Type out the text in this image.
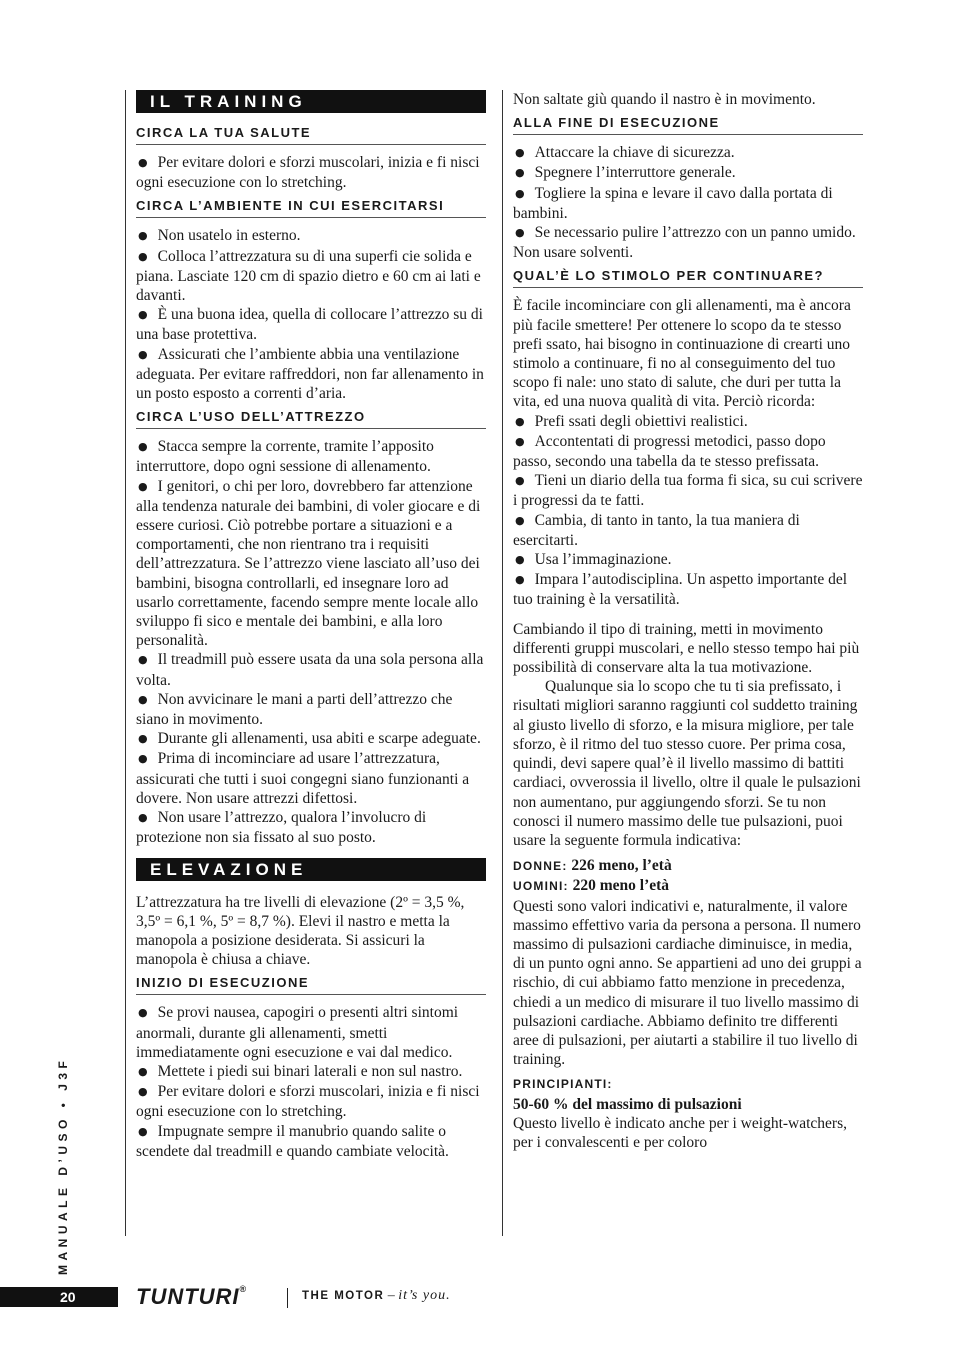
IL TRAINING
CIRCA LA TUA SALUTE
● Per evitare dolori e sforzi muscolari, inizia e fi nisci ogni esecuzione con lo stretching.
CIRCA L’AMBIENTE IN CUI ESERCITARSI
● Non usatelo in esterno.
● Colloca l’attrezzatura su di una superfi cie solida e piana. Lasciate 120 cm di spazio dietro e 60 cm ai lati e davanti.
● È una buona idea, quella di collocare l’attrezzo su di una base protettiva.
● Assicurati che l’ambiente abbia una ventilazione adeguata. Per evitare raffreddori, non far allenamento in un posto esposto a correnti d’aria.
CIRCA L’USO DELL’ATTREZZO
● Stacca sempre la corrente, tramite l’apposito interruttore, dopo ogni sessione di allenamento.
● I genitori, o chi per loro, dovrebbero far attenzione alla tendenza naturale dei bambini, di voler giocare e di essere curiosi. Ciò potrebbe portare a situazioni e a comportamenti, che non rientrano tra i requisiti dell’attrezzatura. Se l’attrezzo viene lasciato all’uso dei bambini, bisogna controllarli, ed insegnare loro ad usarlo correttamente, facendo sempre mente locale allo sviluppo fi sico e mentale dei bambini, e alla loro personalità.
● Il treadmill può essere usata da una sola persona alla volta.
● Non avvicinare le mani a parti dell’attrezzo che siano in movimento.
● Durante gli allenamenti, usa abiti e scarpe adeguate.
● Prima di incominciare ad usare l’attrezzatura, assicurati che tutti i suoi congegni siano funzionanti a dovere. Non usare attrezzi difettosi.
● Non usare l’attrezzo, qualora l’involucro di protezione non sia fissato al suo posto.
ELEVAZIONE
L’attrezzatura ha tre livelli di elevazione (2º = 3,5 %, 3,5º = 6,1 %, 5º = 8,7 %). Elevi il nastro e metta la manopola a posizione desiderata. Si assicuri la manopola è chiusa a chiave.
INIZIO DI ESECUZIONE
● Se provi nausea, capogiri o presenti altri sintomi anormali, durante gli allenamenti, smetti immediatamente ogni esecuzione e vai dal medico.
● Mettete i piedi sui binari laterali e non sul nastro.
● Per evitare dolori e sforzi muscolari, inizia e fi nisci ogni esecuzione con lo stretching.
● Impugnate sempre il manubrio quando salite o scendete dal treadmill e quando cambiate velocità.
Non saltate giù quando il nastro è in movimento.
ALLA FINE DI ESECUZIONE
● Attaccare la chiave di sicurezza.
● Spegnere l’interruttore generale.
● Togliere la spina e levare il cavo dalla portata di bambini.
● Se necessario pulire l’attrezzo con un panno umido. Non usare solventi.
QUAL’È LO STIMOLO PER CONTINUARE?
È facile incominciare con gli allenamenti, ma è ancora più facile smettere! Per ottenere lo scopo da te stesso prefi ssato, hai bisogno in continuazione di crearti uno stimolo a continuare, fi no al conseguimento del tuo scopo fi nale: uno stato di salute, che duri per tutta la vita, ed una nuova qualità di vita. Perciò ricorda:
● Prefi ssati degli obiettivi realistici.
● Accontentati di progressi metodici, passo dopo passo, secondo una tabella da te stesso prefissata.
● Tieni un diario della tua forma fi sica, su cui scrivere i progressi da te fatti.
● Cambia, di tanto in tanto, la tua maniera di esercitarti.
● Usa l’immaginazione.
● Impara l’autodisciplina. Un aspetto importante del tuo training è la versatilità.
Cambiando il tipo di training, metti in movimento differenti gruppi muscolari, e nello stesso tempo hai più possibilità di conservare alta la tua motivazione.
Qualunque sia lo scopo che tu ti sia prefissato, i risultati migliori saranno raggiunti col suddetto training al giusto livello di sforzo, e la misura migliore, per tale sforzo, è il ritmo del tuo stesso cuore. Per prima cosa, quindi, devi sapere qual’è il livello massimo di battiti cardiaci, ovverossia il livello, oltre il quale le pulsazioni non aumentano, pur aggiungendo sforzi. Se tu non conosci il numero massimo delle tue pulsazioni, puoi usare la seguente formula indicativa:
DONNE: 226 meno, l’età
UOMINI: 220 meno l’età
Questi sono valori indicativi e, naturalmente, il valore massimo effettivo varia da persona a persona. Il numero massimo di pulsazioni cardiache diminuisce, in media, di un punto ogni anno. Se appartieni ad uno dei gruppi a rischio, di cui abbiamo fatto menzione in precedenza, chiedi a un medico di misurare il tuo livello massimo di pulsazioni cardiache. Abbiamo definito tre differenti aree di pulsazioni, per aiutarti a stabilire il tuo livello di training.
PRINCIPIANTI:
50-60 % del massimo di pulsazioni
Questo livello è indicato anche per i weight-watchers, per i convalescenti e per coloro
MANUALE D’USO • J3F
20	TUNTURI®
THE MOTOR – it’s you.
